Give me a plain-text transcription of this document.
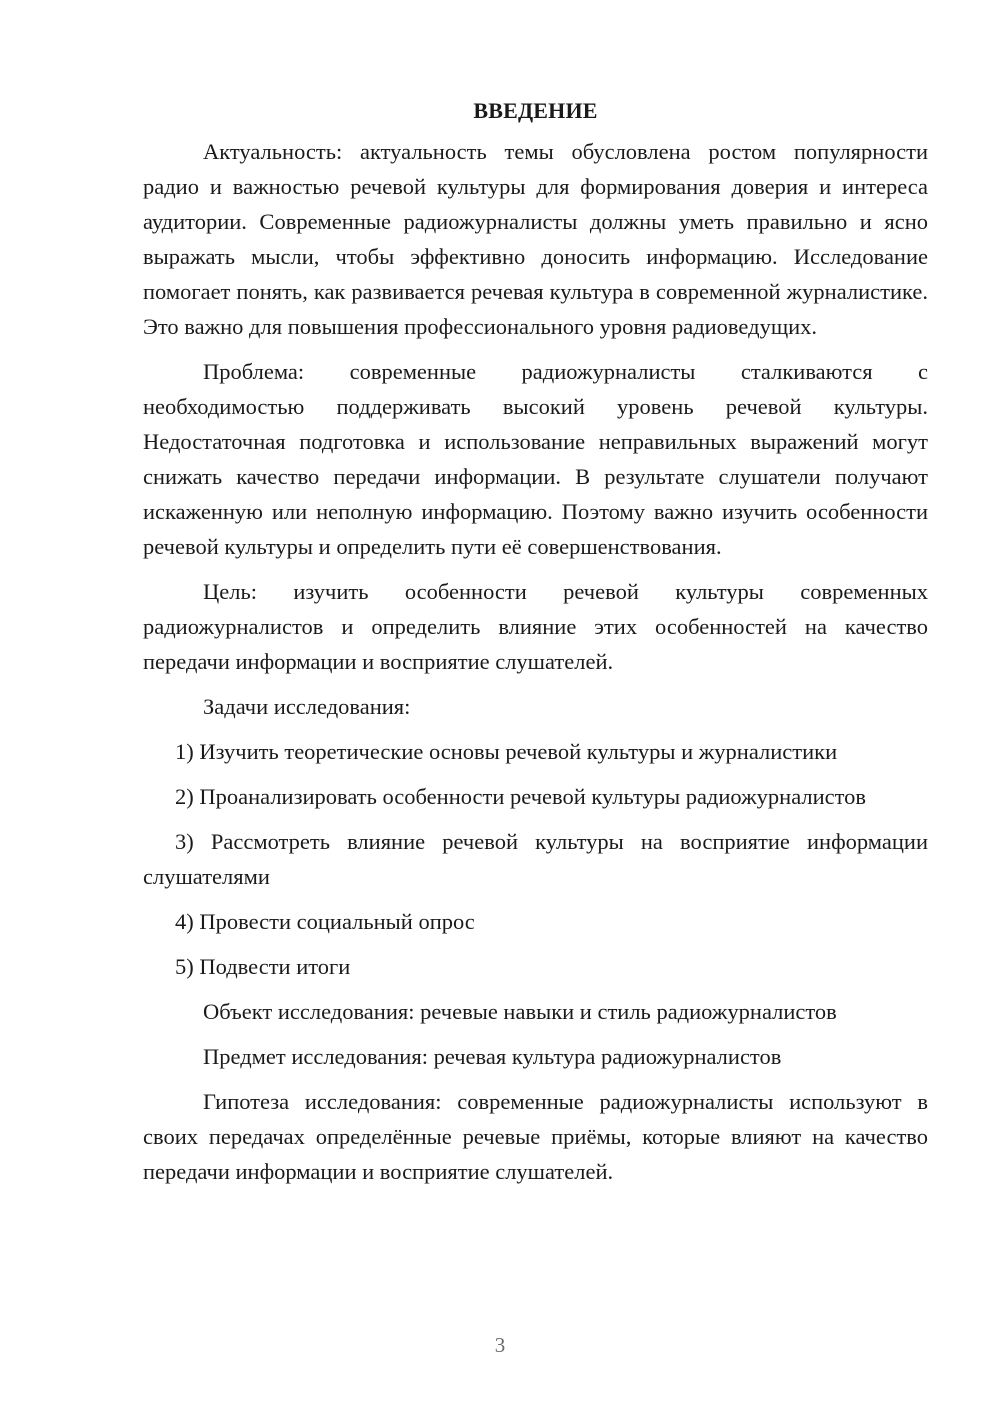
ВВЕДЕНИЕ

Актуальность: актуальность темы обусловлена ростом популярности радио и важностью речевой культуры для формирования доверия и интереса аудитории. Современные радиожурналисты должны уметь правильно и ясно выражать мысли, чтобы эффективно доносить информацию. Исследование помогает понять, как развивается речевая культура в современной журналистике. Это важно для повышения профессионального уровня радиоведущих.

Проблема: современные радиожурналисты сталкиваются с необходимостью поддерживать высокий уровень речевой культуры. Недостаточная подготовка и использование неправильных выражений могут снижать качество передачи информации. В результате слушатели получают искаженную или неполную информацию. Поэтому важно изучить особенности речевой культуры и определить пути её совершенствования.

Цель: изучить особенности речевой культуры современных радиожурналистов и определить влияние этих особенностей на качество передачи информации и восприятие слушателей.

Задачи исследования:

1) Изучить теоретические основы речевой культуры и журналистики

2) Проанализировать особенности речевой культуры радиожурналистов

3) Рассмотреть влияние речевой культуры на восприятие информации слушателями

4) Провести социальный опрос

5) Подвести итоги

Объект исследования: речевые навыки и стиль радиожурналистов

Предмет исследования: речевая культура радиожурналистов

Гипотеза исследования: современные радиожурналисты используют в своих передачах определённые речевые приёмы, которые влияют на качество передачи информации и восприятие слушателей.

3
